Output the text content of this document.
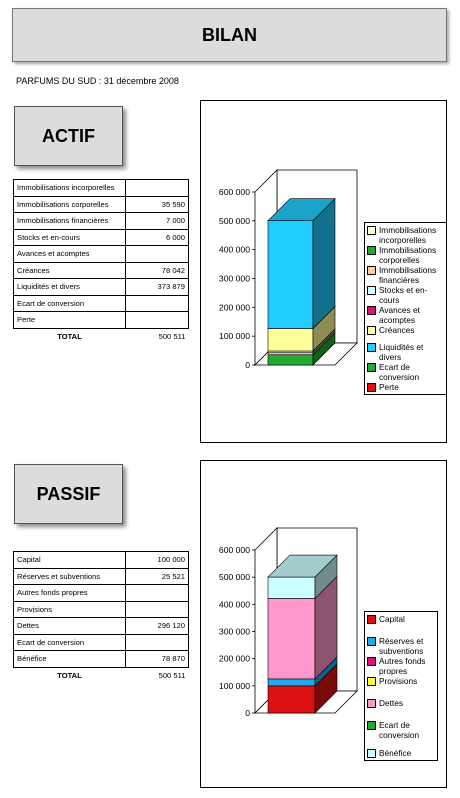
BILAN
PARFUMS DU SUD : 31 décembre 2008
ACTIF
Immobilisations incorporelles	
Immobilisations corporelles	35 590
Immobilisations financières	7 000
Stocks et en-cours	6 000
Avances et acomptes	
Créances	78 042
Liquidités et divers	373 879
Ecart de conversion	
Perte	
TOTAL	500 511
0
100 000
200 000
300 000
400 000
500 000
600 000
Immobilisations incorporelles
Immobilisations corporelles
Immobilisations financières
Stocks et en-cours
Avances et acomptes
Créances
Liquidités et divers
Ecart de conversion
Perte
PASSIF
Capital	100 000
Réserves et subventions	25 521
Autres fonds propres	
Provisions	
Dettes	296 120
Ecart de conversion	
Bénéfice	78 870
TOTAL	500 511
0
100 000
200 000
300 000
400 000
500 000
600 000
Capital
Réserves et subventions
Autres fonds propres
Provisions
Dettes
Ecart de conversion
Bénéfice
